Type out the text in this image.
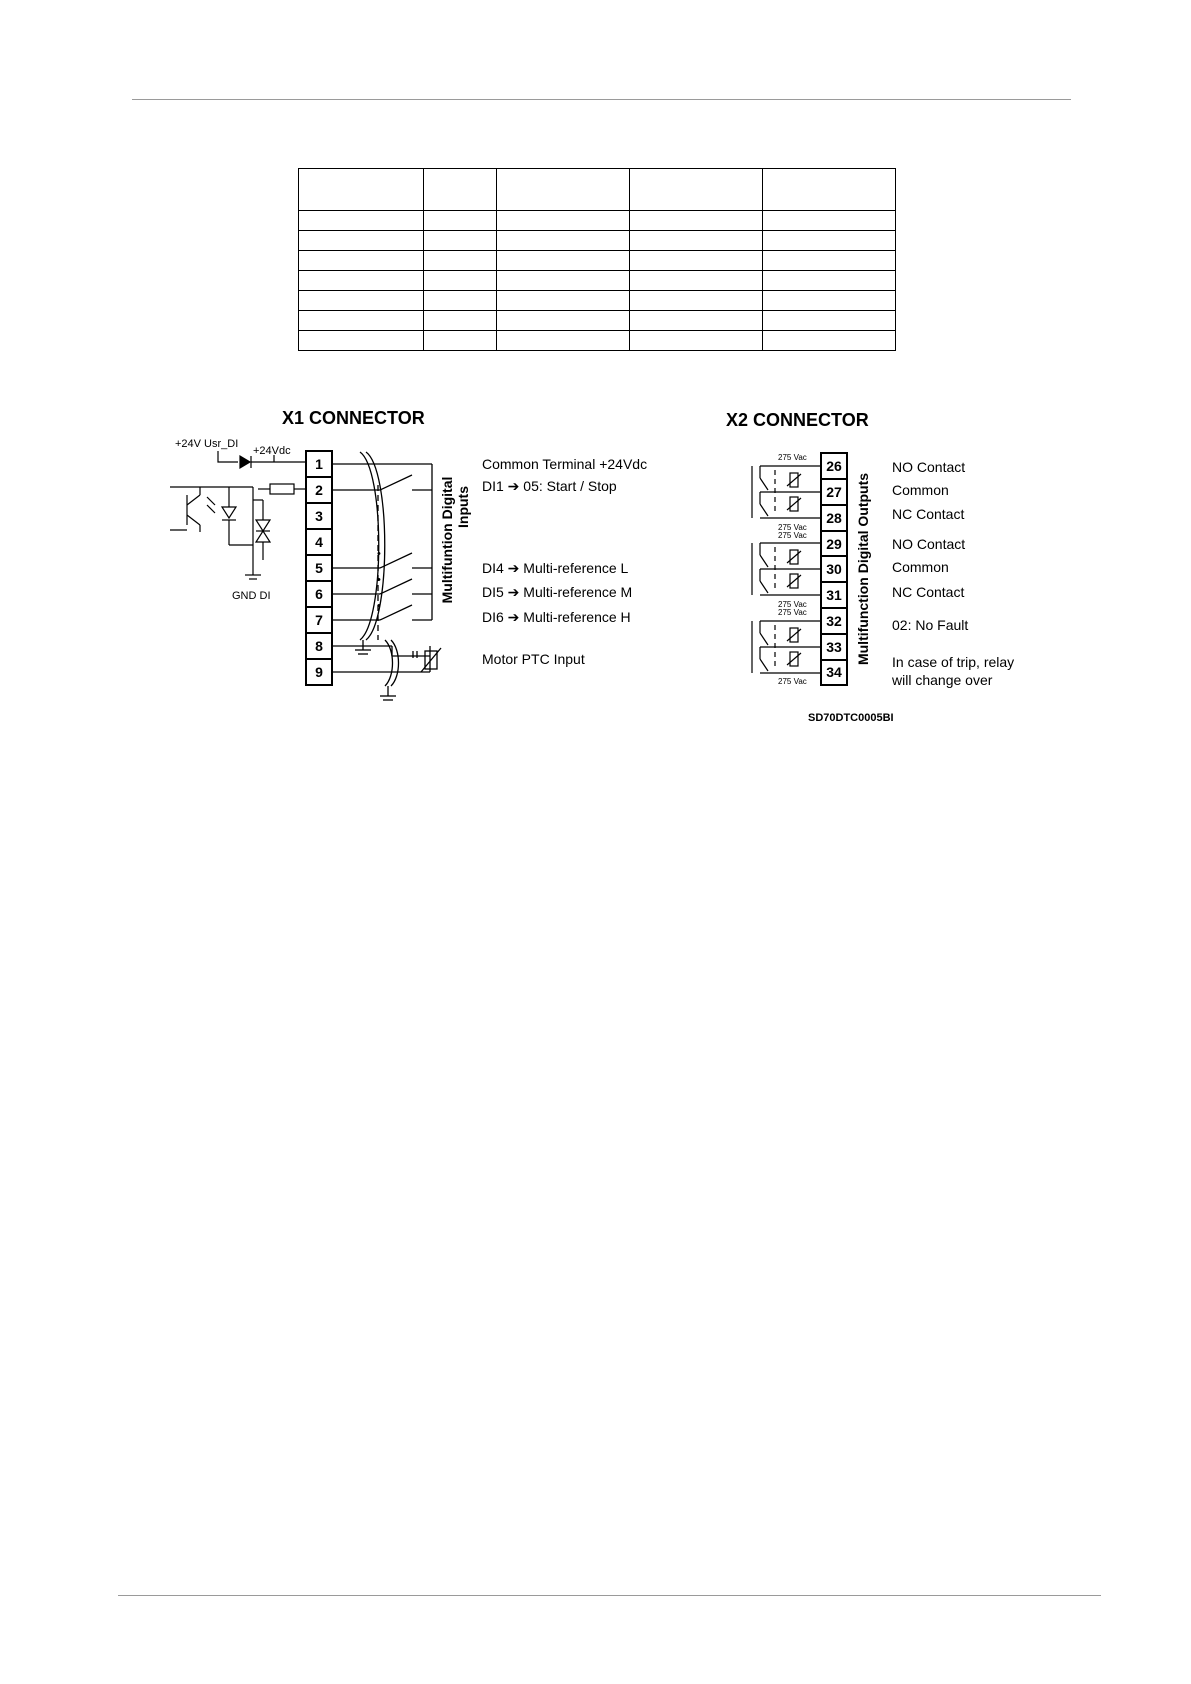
X1 CONNECTOR
+24V Usr_DI
+24Vdc
GND DI
1
2
3
4
5
6
7
8
9
•
•
•
Multifuntion Digital Inputs
Common Terminal +24Vdc
DI1 ➔ 05: Start / Stop
DI4 ➔ Multi-reference L
DI5 ➔ Multi-reference M
DI6 ➔ Multi-reference H
Motor PTC Input
X2 CONNECTOR
275 Vac
275 Vac
275 Vac
275 Vac
275 Vac
275 Vac
26
27
28
29
30
31
32
33
34
Multifunction Digital Outputs
NO Contact
Common
NC Contact
NO Contact
Common
NC Contact
02: No Fault
In case of trip, relay
will change over
SD70DTC0005BI
